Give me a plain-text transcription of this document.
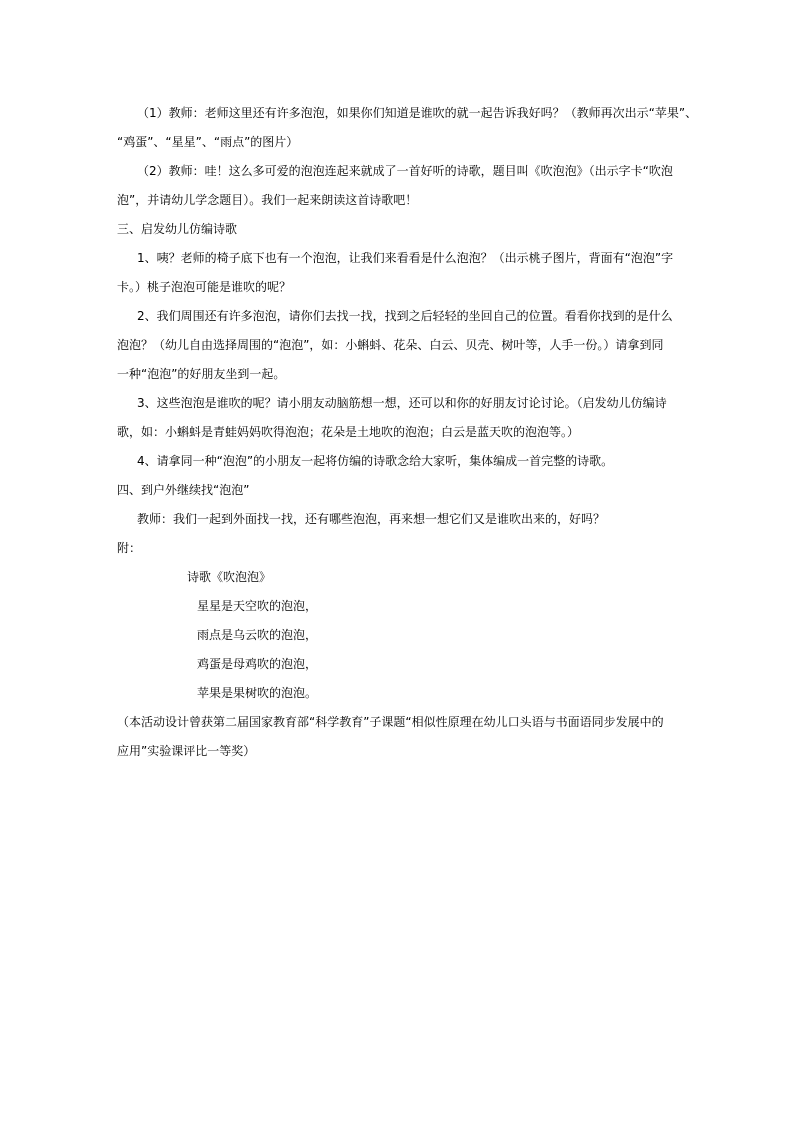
（1）教师：老师这里还有许多泡泡，如果你们知道是谁吹的就一起告诉我好吗？（教师再次出示“苹果”、
“鸡蛋”、“星星”、“雨点”的图片）
（2）教师：哇！这么多可爱的泡泡连起来就成了一首好听的诗歌，题目叫《吹泡泡》（出示字卡“吹泡
泡”，并请幼儿学念题目）。我们一起来朗读这首诗歌吧！
三、启发幼儿仿编诗歌
1、咦？老师的椅子底下也有一个泡泡，让我们来看看是什么泡泡？（出示桃子图片，背面有“泡泡”字
卡。）桃子泡泡可能是谁吹的呢？
2、我们周围还有许多泡泡，请你们去找一找，找到之后轻轻的坐回自己的位置。看看你找到的是什么
泡泡？（幼儿自由选择周围的“泡泡”，如：小蝌蚪、花朵、白云、贝壳、树叶等，人手一份。）请拿到同
一种“泡泡”的好朋友坐到一起。
3、这些泡泡是谁吹的呢？请小朋友动脑筋想一想，还可以和你的好朋友讨论讨论。（启发幼儿仿编诗
歌，如：小蝌蚪是青蛙妈妈吹得泡泡；花朵是土地吹的泡泡；白云是蓝天吹的泡泡等。）
4、请拿同一种“泡泡”的小朋友一起将仿编的诗歌念给大家听，集体编成一首完整的诗歌。
四、到户外继续找“泡泡”
教师：我们一起到外面找一找，还有哪些泡泡，再来想一想它们又是谁吹出来的，好吗？
附：
诗歌《吹泡泡》
星星是天空吹的泡泡，
雨点是乌云吹的泡泡，
鸡蛋是母鸡吹的泡泡，
苹果是果树吹的泡泡。
（本活动设计曾获第二届国家教育部“科学教育”子课题“相似性原理在幼儿口头语与书面语同步发展中的
应用”实验课评比一等奖）
